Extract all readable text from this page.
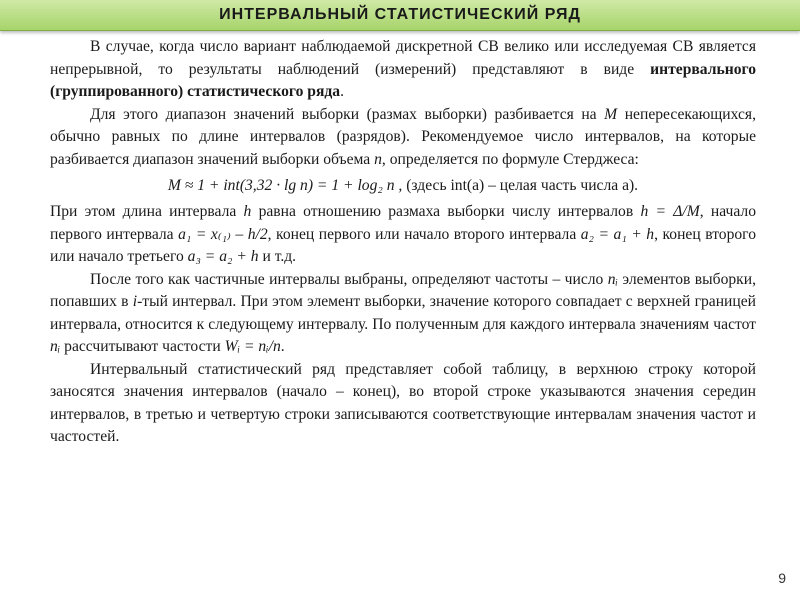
ИНТЕРВАЛЬНЫЙ СТАТИСТИЧЕСКИЙ РЯД

В случае, когда число вариант наблюдаемой дискретной СВ велико или исследуемая СВ является непрерывной, то результаты наблюдений (измерений) представляют в виде интервального (группированного) статистического ряда.

Для этого диапазон значений выборки (размах выборки) разбивается на M непересекающихся, обычно равных по длине интервалов (разрядов). Рекомендуемое число интервалов, на которые разбивается диапазон значений выборки объема n, определяется по формуле Стерджеса:

M ≈ 1 + int(3,32 · lg n) = 1 + log₂ n , (здесь int(a) – целая часть числа a).

При этом длина интервала h равна отношению размаха выборки числу интервалов h = Δ/M, начало первого интервала a₁ = x₍₁₎ – h/2, конец первого или начало второго интервала a₂ = a₁ + h, конец второго или начало третьего a₃ = a₂ + h и т.д.

После того как частичные интервалы выбраны, определяют частоты – число nᵢ элементов выборки, попавших в i-тый интервал. При этом элемент выборки, значение которого совпадает с верхней границей интервала, относится к следующему интервалу. По полученным для каждого интервала значениям частот nᵢ рассчитывают частости Wᵢ = nᵢ/n.

Интервальный статистический ряд представляет собой таблицу, в верхнюю строку которой заносятся значения интервалов (начало – конец), во второй строке указываются значения середин интервалов, в третью и четвертую строки записываются соответствующие интервалам значения частот и частостей.

9
